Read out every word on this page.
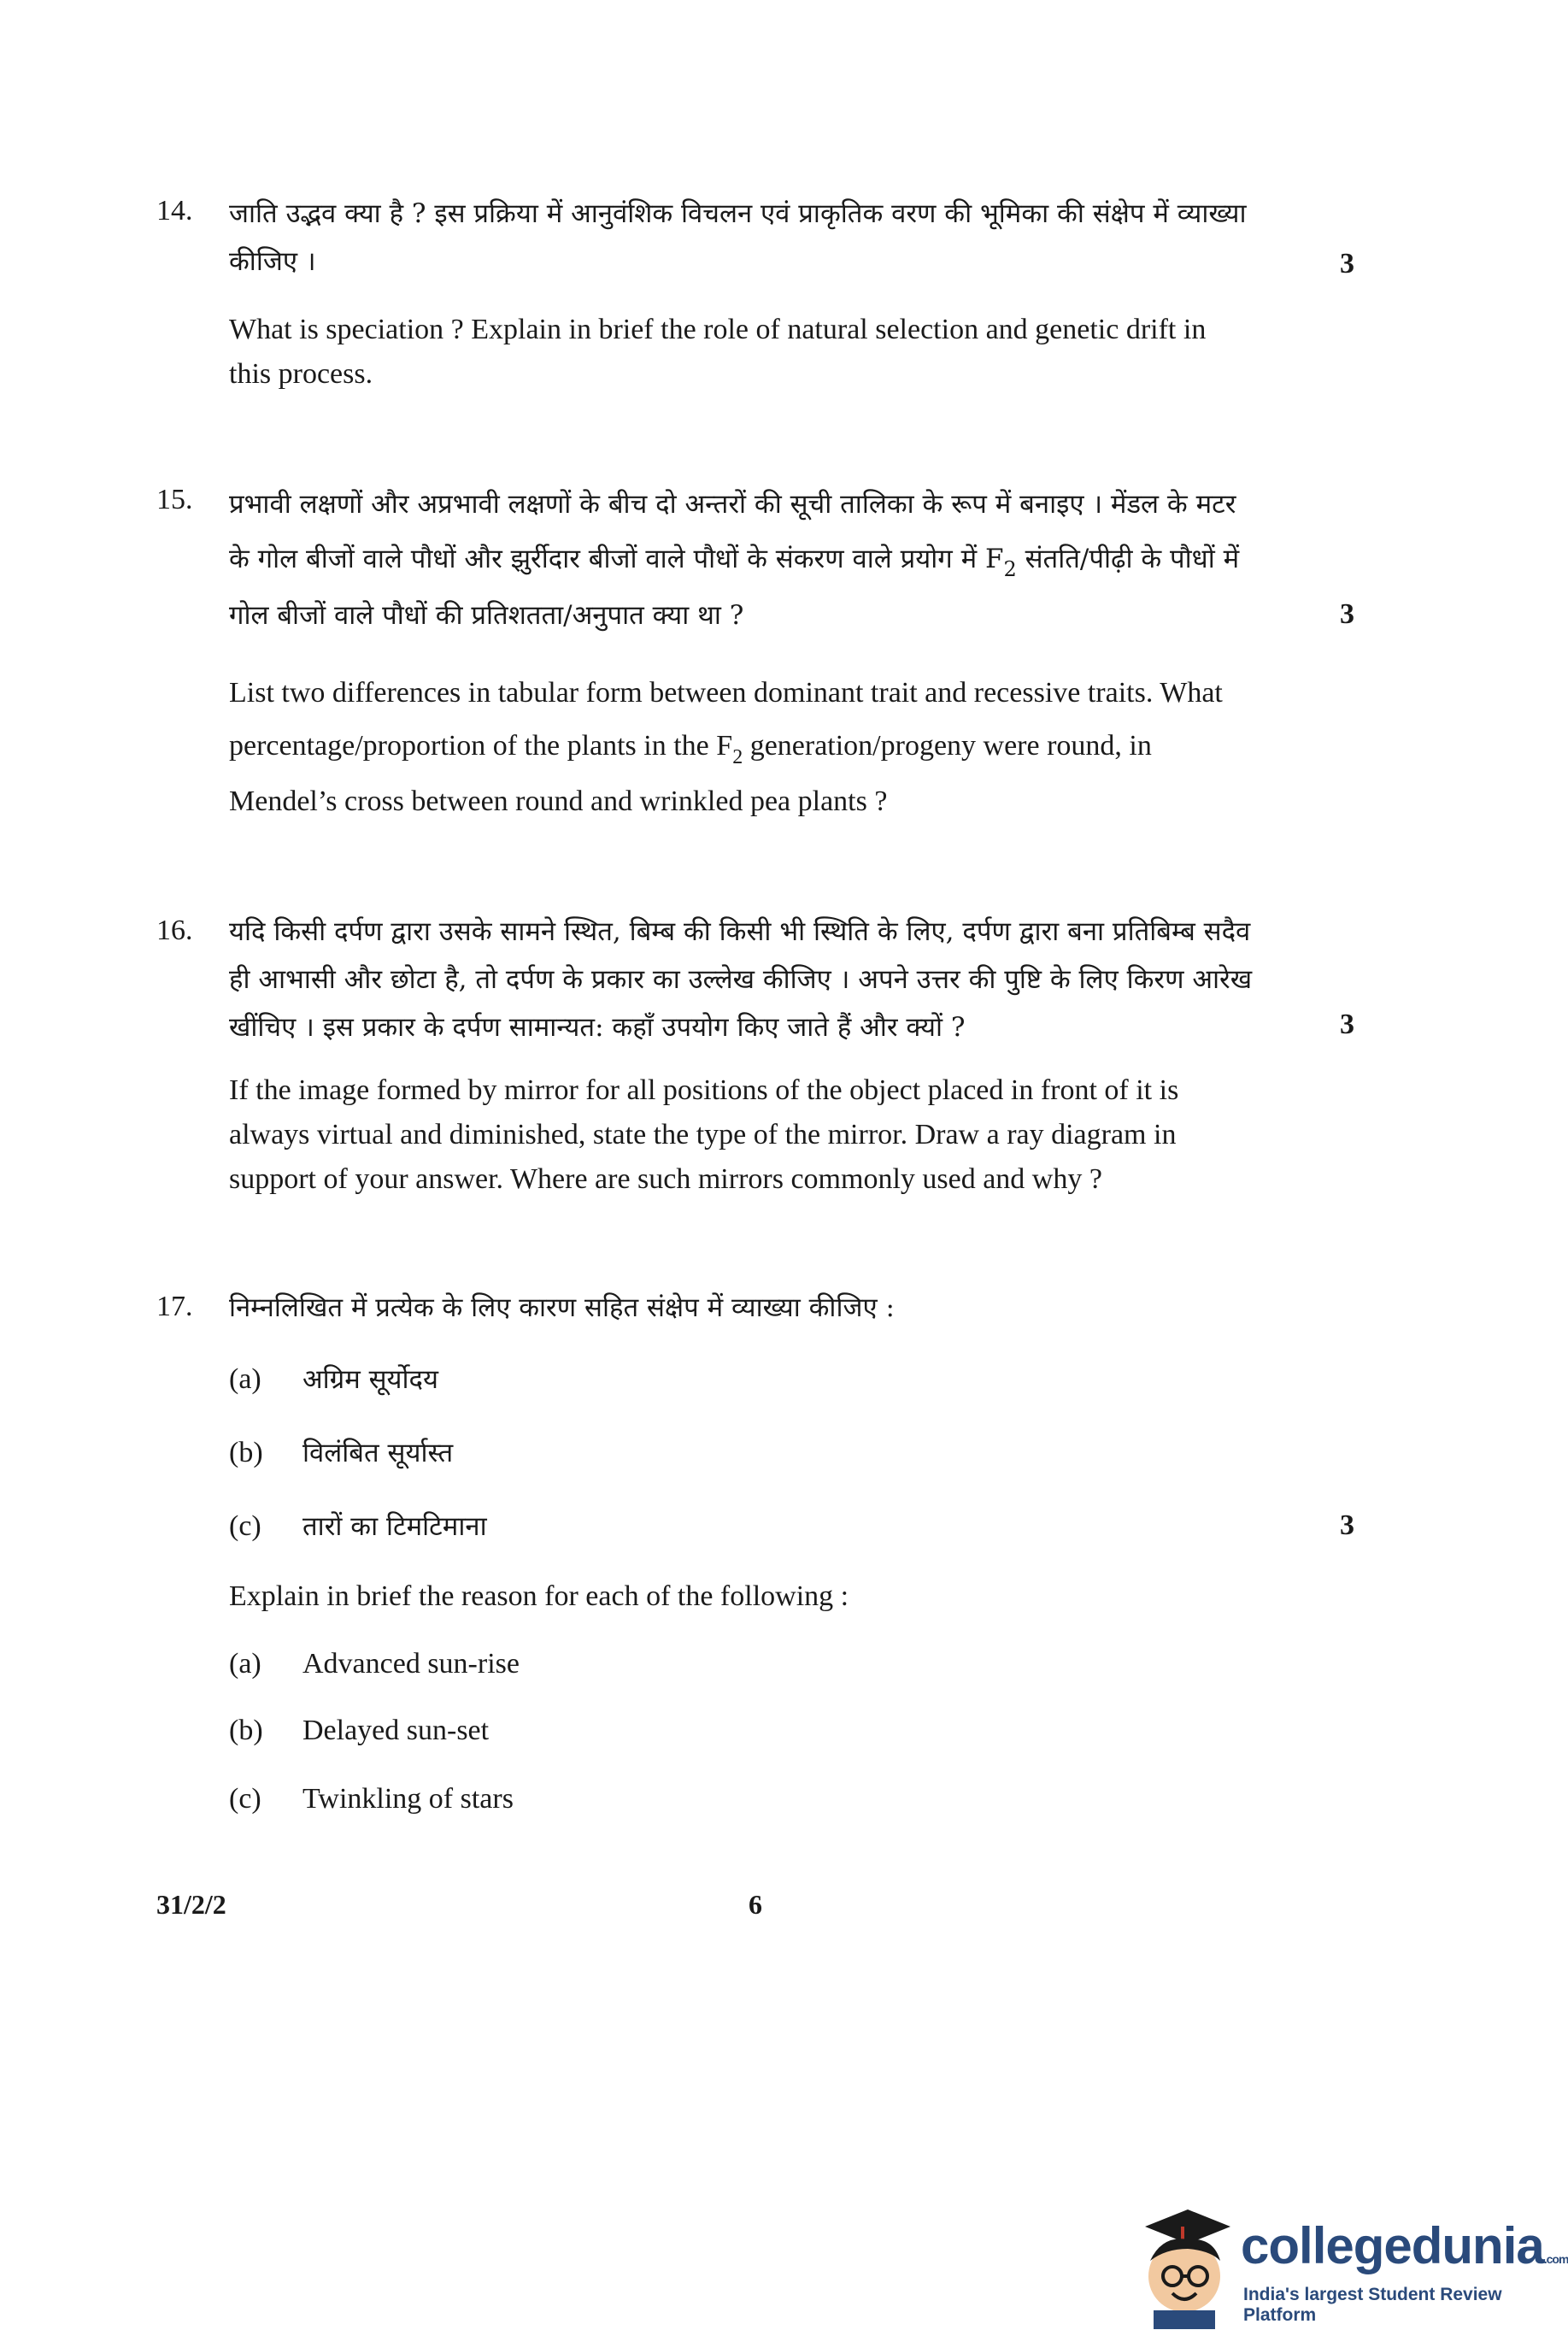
14. जाति उद्भव क्या है ? इस प्रक्रिया में आनुवंशिक विचलन एवं प्राकृतिक वरण की भूमिका की संक्षेप में व्याख्या
कीजिए ।	3
What is speciation ? Explain in brief the role of natural selection and genetic drift in
this process.
15. प्रभावी लक्षणों और अप्रभावी लक्षणों के बीच दो अन्तरों की सूची तालिका के रूप में बनाइए । मेंडल के मटर
के गोल बीजों वाले पौधों और झुर्रीदार बीजों वाले पौधों के संकरण वाले प्रयोग में $F_2$ संतति/पीढ़ी के पौधों में
गोल बीजों वाले पौधों की प्रतिशतता/अनुपात क्या था ?	3
List two differences in tabular form between dominant trait and recessive traits. What
percentage/proportion of the plants in the $F_2$ generation/progeny were round, in
Mendel’s cross between round and wrinkled pea plants ?
16. यदि किसी दर्पण द्वारा उसके सामने स्थित, बिम्ब की किसी भी स्थिति के लिए, दर्पण द्वारा बना प्रतिबिम्ब सदैव
ही आभासी और छोटा है, तो दर्पण के प्रकार का उल्लेख कीजिए । अपने उत्तर की पुष्टि के लिए किरण आरेख
खींचिए । इस प्रकार के दर्पण सामान्यत: कहाँ उपयोग किए जाते हैं और क्यों ?	3
If the image formed by mirror for all positions of the object placed in front of it is
always virtual and diminished, state the type of the mirror. Draw a ray diagram in
support of your answer. Where are such mirrors commonly used and why ?
17. निम्नलिखित में प्रत्येक के लिए कारण सहित संक्षेप में व्याख्या कीजिए :
(a) अग्रिम सूर्योदय
(b) विलंबित सूर्यास्त
(c) तारों का टिमटिमाना	3
Explain in brief the reason for each of the following :
(a) Advanced sun-rise
(b) Delayed sun-set
(c) Twinkling of stars
31/2/2	6
collegedunia.com
India's largest Student Review Platform
